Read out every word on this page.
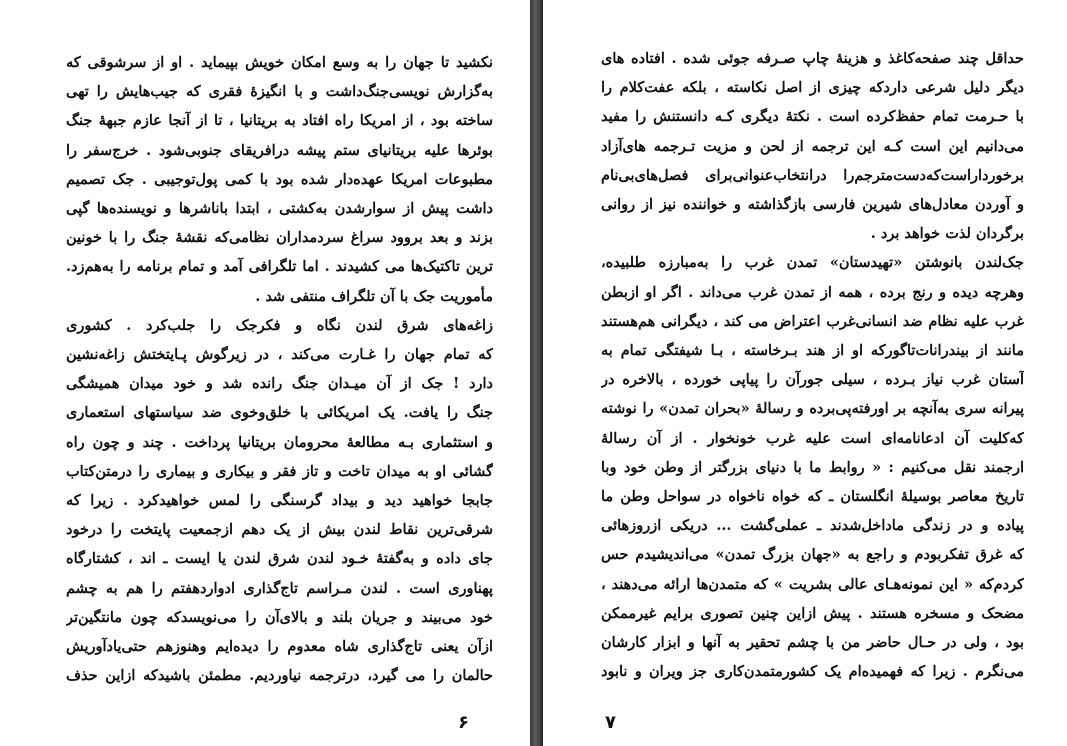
نکشید تا جهان را به وسع امکان خویش بپیماید . او از سرشوقی که
به‌گزارش نویسی‌جنگ‌داشت و با انگیزهٔ فقری که جیب‌هایش را تهی
ساخته بود ، از امریکا راه افتاد به بریتانیا ، تا از آنجا عازم جبههٔ جنگ
بوئرها علیه بریتانیای ستم پیشه درافریقای جنوبی‌شود . خرج‌سفر را
مطبوعات امریکا عهده‌دار شده بود با کمی پول‌توجیبی . جک تصمیم
داشت پیش از سوارشدن به‌کشتی ، ابتدا با‌ناشرها و نویسنده‌ها گپی
بزند و بعد بروود سراغ سردمداران نظامی‌که نقشهٔ جنگ را با خونین
ترین تاکتیک‌ها می کشیدند . اما تلگرافی آمد و تمام برنامه را به‌هم‌زد.
مأموریت جک با آن تلگراف منتفی شد .
زاغه‌های شرق لندن نگاه و فکرجک را جلب‌کرد . کشوری
که تمام جهان را غـارت می‌کند ، در زیرگوش پـایتختش زاغه‌نشین
دارد ! جک از آن میـدان جنگ رانده شد و خود میدان همیشگی
جنگ را یافت. یک امریکائی با خلق‌وخوی ضد سیاستهای استعماری
و استثماری بـه مطالعهٔ محرومان بریتانیا پرداخت . چند و چون راه
گشائی او به میدان تاخت و تاز فقر و بیکاری و بیماری را درمتن‌کتاب
جابجا خواهید دید و بیداد گرسنگی را لمس خواهیدکرد . زیرا که
شرقی‌ترین نقاط لندن بیش از یک دهم ازجمعیت پایتخت را درخود
جای داده و به‌گفتهٔ خـود لندن شرق لندن یا ایست ـ اند ، کشتارگاه
پهناوری است . لندن مـراسم تاج‌گذاری ادواردهفتم را هم به چشم
خود می‌بیند و جریان بلند و بالای‌آن را می‌نویسدکه چون مانتگین‌تر
ازآن یعنی تاج‌گذاری شاه معدوم را دیده‌ایم وهنوزهم حتی‌یادآوریش
حالمان را می گیرد، درترجمه نیاوردیم. مطمئن باشیدکه ازاین حذف
۶
حداقل چند صفحه‌کاغذ و هزینهٔ چاپ صـرفه جوئی شده . افتاده های
دیگر دلیل شرعی داردکه چیزی از اصل نکاسته ، بلکه عفت‌کلام را
با حـرمت تمام حفظ‌کرده است . نکتهٔ دیگری کـه دانستنش را مفید
می‌دانیم این است کـه این ترجمه از لحن و مزیت تـرجمه های‌آزاد
برخورداراست‌که‌دست‌مترجم‌را درانتخاب‌عنوانی‌برای فصل‌های‌بی‌نام
و آوردن معادل‌های شیرین فارسی بازگذاشته و خواننده نیز از روانی
برگردان لذت خواهد برد .
جک‌لندن بانوشتن «تهیدستان» تمدن غرب را به‌مبارزه طلبیده،
وهرچه دیده و رنج برده ، همه از تمدن غرب می‌داند . اگر او ازبطن
غرب علیه نظام ضد انسانی‌غرب اعتراض می کند ، دیگرانی هم‌هستند
مانند از بیندرانات‌تاگورکه او از هند بـرخاسته ، بـا شیفتگی تمام به
آستان غرب نیاز بـرده ، سیلی جورآن را پیاپی خورده ، بالاخره در
پیرانه سری به‌آنچه بر اورفته‌پی‌برده و رسالهٔ «بحران تمدن» را نوشته
که‌کلیت آن ادعانامه‌ای است علیه غرب خونخوار . از آن رسالهٔ
ارجمند نقل می‌کنیم : « روابط ما با دنیای بزرگتر از وطن خود وبا
تاریخ معاصر بوسیلهٔ انگلستان ـ که خواه ناخواه در سواحل وطن ما
پیاده و در زندگی ماداخل‌شدند ـ عملی‌گشت ... دریکی ازروزهائی
که غرق تفکربودم و راجع به «جهان بزرگ تمدن» می‌اندیشیدم حس
کردم‌که « این نمونه‌هـای عالی بشریت » که متمدن‌ها ارائه می‌دهند ،
مضحک و مسخره هستند . پیش ازاین چنین تصوری برایم غیرممکن
بود ، ولی در حـال حاضر من با چشم تحقیر به آنها و ابزار کارشان
می‌نگرم . زیرا که فهمیده‌ام یک کشورمتمدن‌کاری جز ویران و نابود
۷
